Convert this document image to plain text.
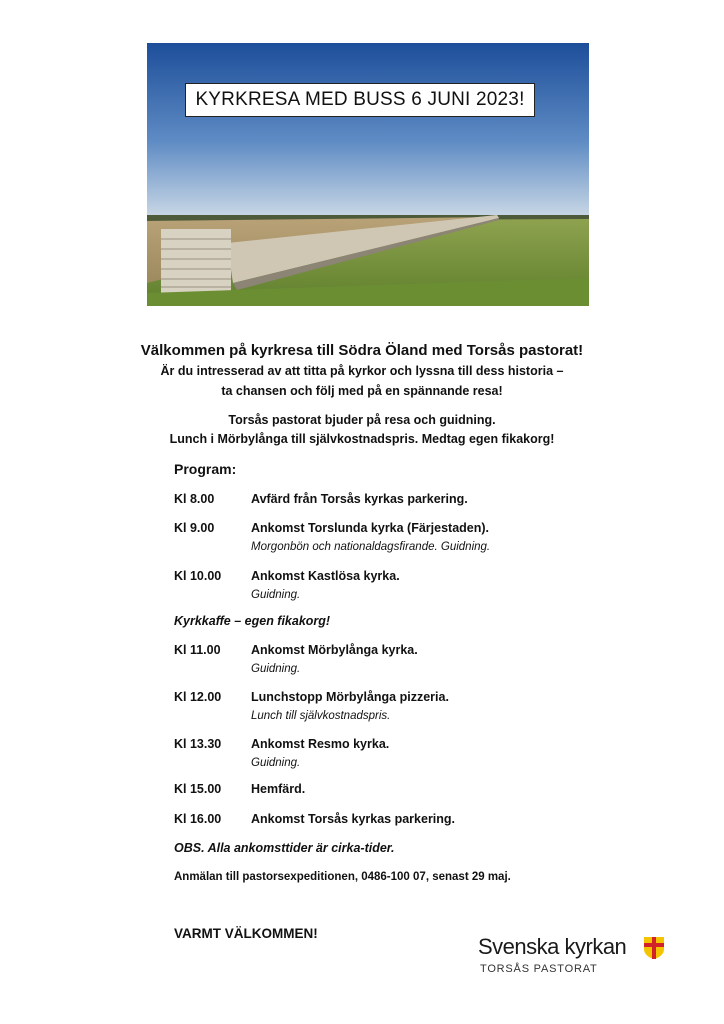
KYRKRESA MED BUSS 6 JUNI 2023!
Välkommen på kyrkresa till Södra Öland med Torsås pastorat!
Är du intresserad av att titta på kyrkor och lyssna till dess historia –
ta chansen och följ med på en spännande resa!
Torsås pastorat bjuder på resa och guidning.
Lunch i Mörbylånga till självkostnadspris. Medtag egen fikakorg!
Program:
Kl 8.00	Avfärd från Torsås kyrkas parkering.
Kl 9.00	Ankomst Torslunda kyrka (Färjestaden).
Morgonbön och nationaldagsfirande. Guidning.
Kl 10.00	Ankomst Kastlösa kyrka.
Guidning.
Kyrkkaffe – egen fikakorg!
Kl 11.00	Ankomst Mörbylånga kyrka.
Guidning.
Kl 12.00	Lunchstopp Mörbylånga pizzeria.
Lunch till självkostnadspris.
Kl 13.30	Ankomst Resmo kyrka.
Guidning.
Kl 15.00	Hemfärd.
Kl 16.00	Ankomst Torsås kyrkas parkering.
OBS. Alla ankomsttider är cirka-tider.
Anmälan till pastorsexpeditionen, 0486-100 07, senast 29 maj.
VARMT VÄLKOMMEN!
Svenska kyrkan
TORSÅS PASTORAT
